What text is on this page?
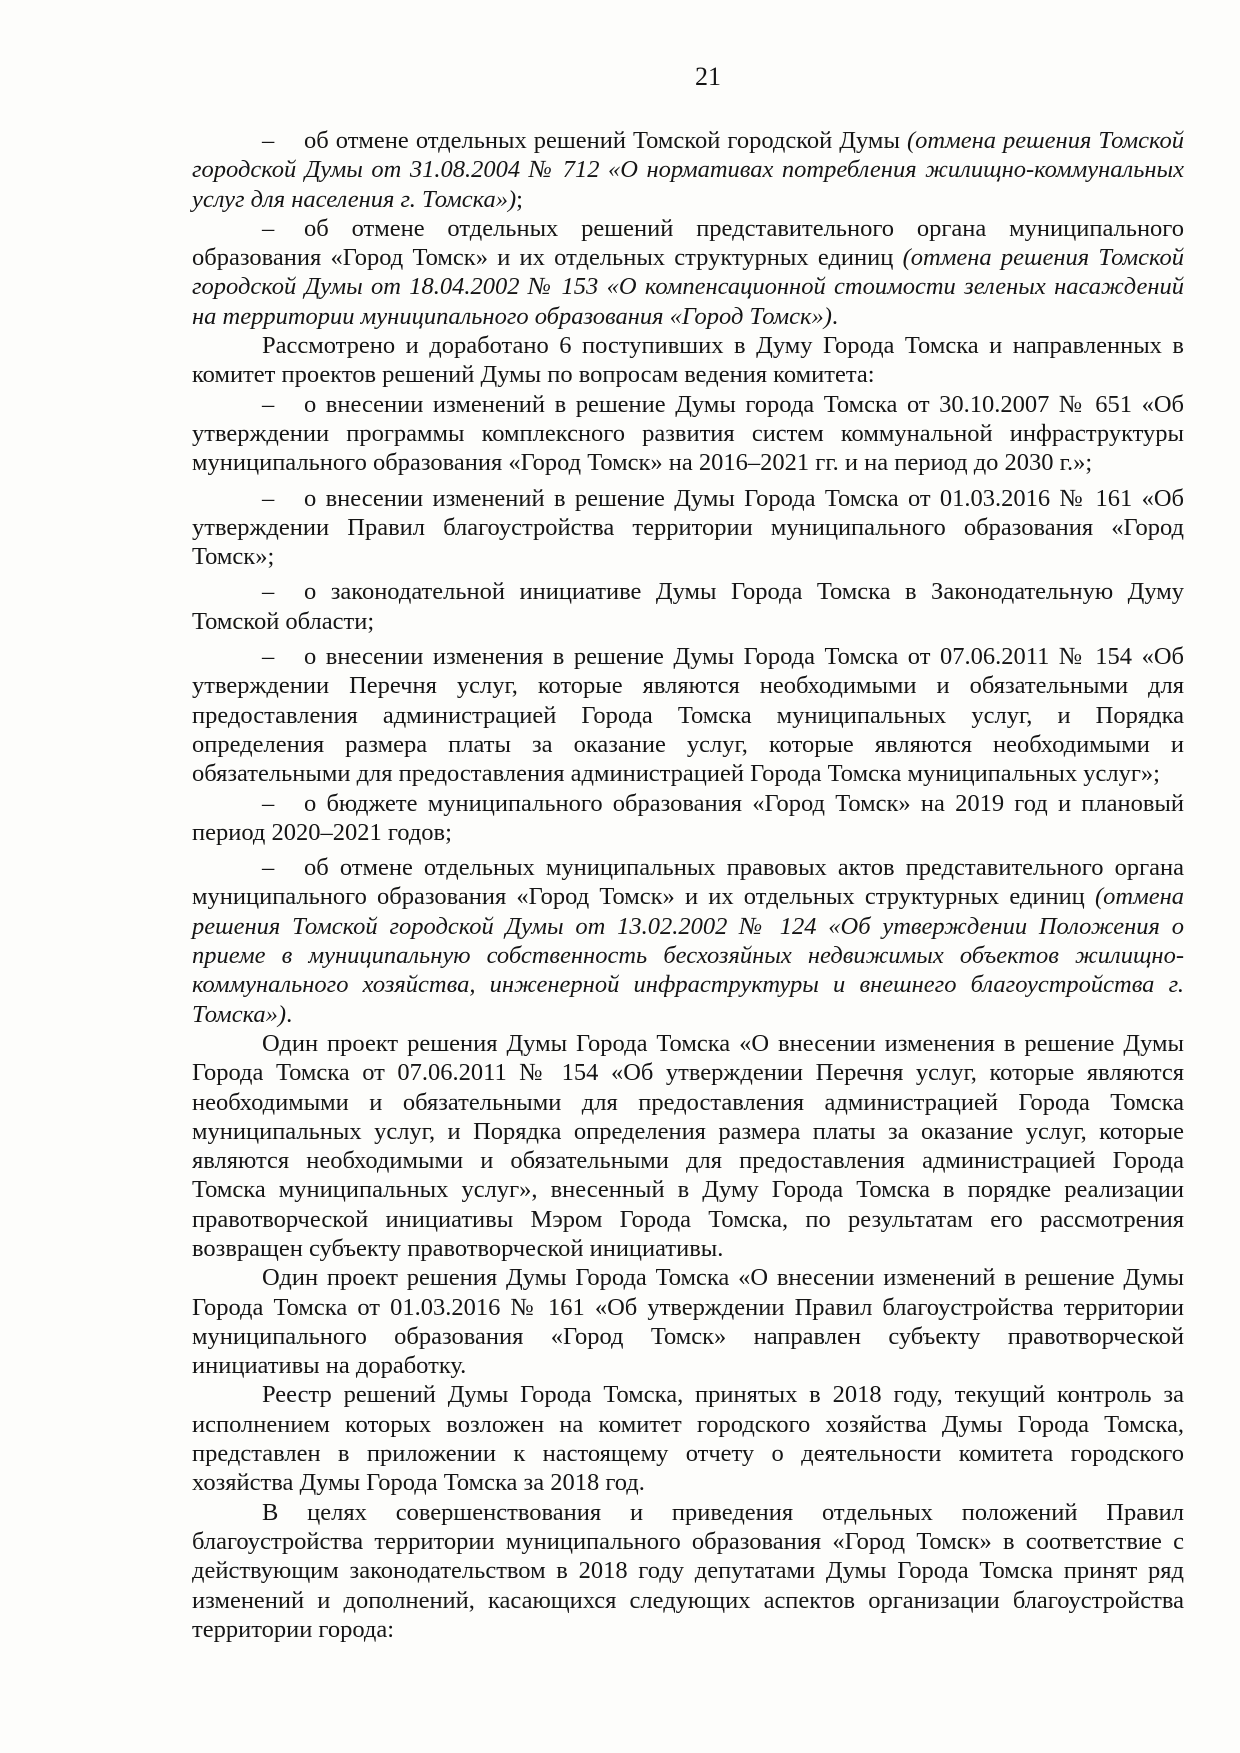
21

– об отмене отдельных решений Томской городской Думы (отмена решения Томской городской Думы от 31.08.2004 № 712 «О нормативах потребления жилищно-коммунальных услуг для населения г. Томска»);

– об отмене отдельных решений представительного органа муниципального образования «Город Томск» и их отдельных структурных единиц (отмена решения Томской городской Думы от 18.04.2002 № 153 «О компенсационной стоимости зеленых насаждений на территории муниципального образования «Город Томск»).

Рассмотрено и доработано 6 поступивших в Думу Города Томска и направленных в комитет проектов решений Думы по вопросам ведения комитета:

– о внесении изменений в решение Думы города Томска от 30.10.2007 № 651 «Об утверждении программы комплексного развития систем коммунальной инфраструктуры муниципального образования «Город Томск» на 2016–2021 гг. и на период до 2030 г.»;

– о внесении изменений в решение Думы Города Томска от 01.03.2016 № 161 «Об утверждении Правил благоустройства территории муниципального образования «Город Томск»;

– о законодательной инициативе Думы Города Томска в Законодательную Думу Томской области;

– о внесении изменения в решение Думы Города Томска от 07.06.2011 № 154 «Об утверждении Перечня услуг, которые являются необходимыми и обязательными для предоставления администрацией Города Томска муниципальных услуг, и Порядка определения размера платы за оказание услуг, которые являются необходимыми и обязательными для предоставления администрацией Города Томска муниципальных услуг»;

– о бюджете муниципального образования «Город Томск» на 2019 год и плановый период 2020–2021 годов;

– об отмене отдельных муниципальных правовых актов представительного органа муниципального образования «Город Томск» и их отдельных структурных единиц (отмена решения Томской городской Думы от 13.02.2002 № 124 «Об утверждении Положения о приеме в муниципальную собственность бесхозяйных недвижимых объектов жилищно-коммунального хозяйства, инженерной инфраструктуры и внешнего благоустройства г. Томска»).

Один проект решения Думы Города Томска «О внесении изменения в решение Думы Города Томска от 07.06.2011 № 154 «Об утверждении Перечня услуг, которые являются необходимыми и обязательными для предоставления администрацией Города Томска муниципальных услуг, и Порядка определения размера платы за оказание услуг, которые являются необходимыми и обязательными для предоставления администрацией Города Томска муниципальных услуг», внесенный в Думу Города Томска в порядке реализации правотворческой инициативы Мэром Города Томска, по результатам его рассмотрения возвращен субъекту правотворческой инициативы.

Один проект решения Думы Города Томска «О внесении изменений в решение Думы Города Томска от 01.03.2016 № 161 «Об утверждении Правил благоустройства территории муниципального образования «Город Томск» направлен субъекту правотворческой инициативы на доработку.

Реестр решений Думы Города Томска, принятых в 2018 году, текущий контроль за исполнением которых возложен на комитет городского хозяйства Думы Города Томска, представлен в приложении к настоящему отчету о деятельности комитета городского хозяйства Думы Города Томска за 2018 год.

В целях совершенствования и приведения отдельных положений Правил благоустройства территории муниципального образования «Город Томск» в соответствие с действующим законодательством в 2018 году депутатами Думы Города Томска принят ряд изменений и дополнений, касающихся следующих аспектов организации благоустройства территории города:
